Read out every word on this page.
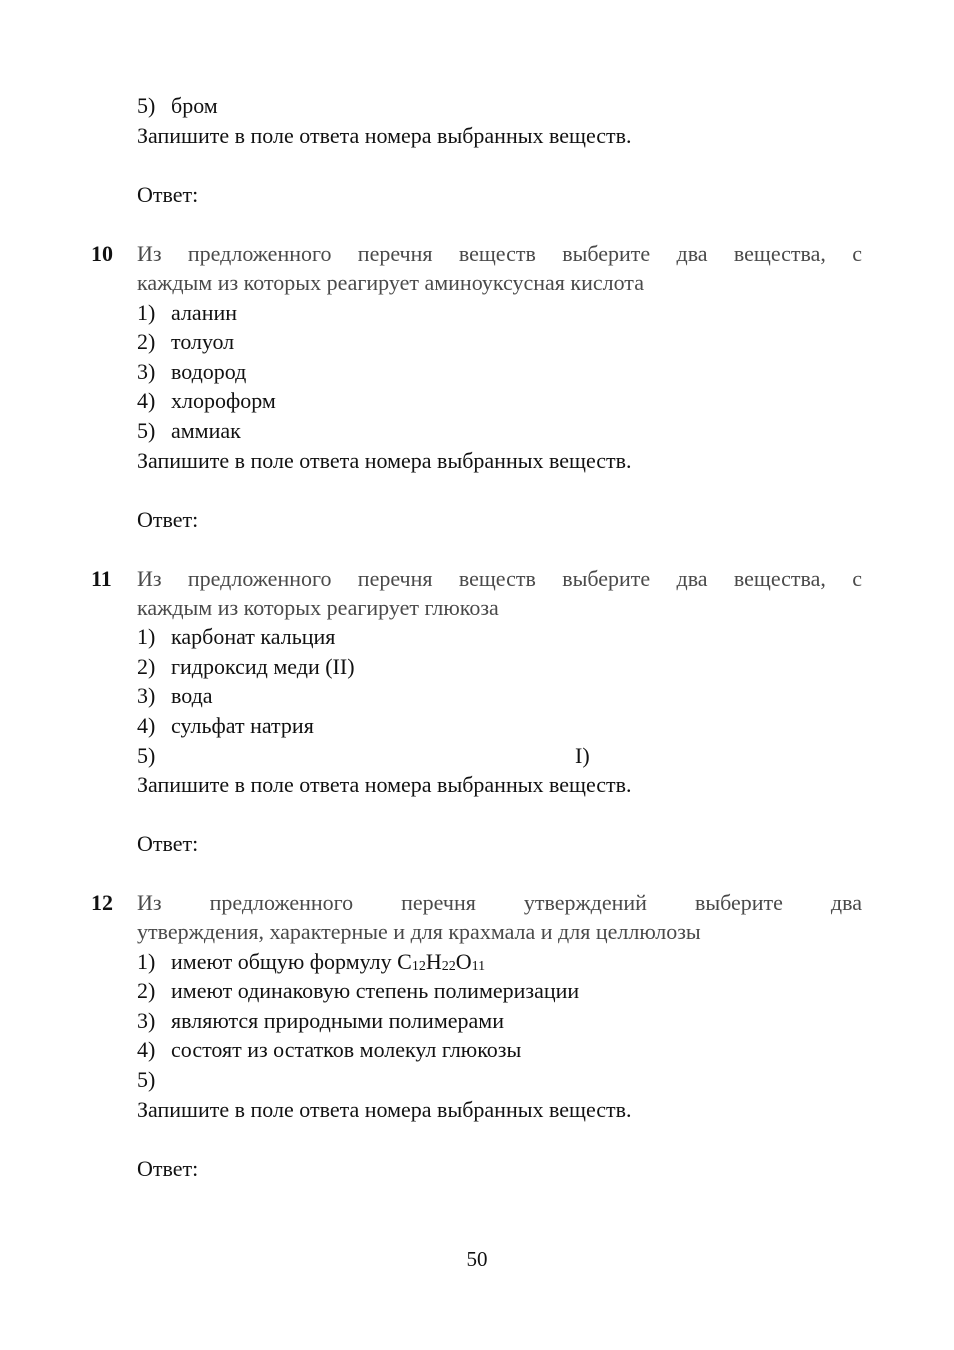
5) бром
Запишите в поле ответа номера выбранных веществ.
Ответ:
10 Из предложенного перечня веществ выберите два вещества, с
каждым из которых реагирует аминоуксусная кислота
1) аланин
2) толуол
3) водород
4) хлороформ
5) аммиак
Запишите в поле ответа номера выбранных веществ.
Ответ:
11 Из предложенного перечня веществ выберите два вещества, с
каждым из которых реагирует глюкоза
1) карбонат кальция
2) гидроксид меди (II)
3) вода
4) сульфат натрия
5)	I)
Запишите в поле ответа номера выбранных веществ.
Ответ:
12 Из предложенного перечня утверждений выберите два
утверждения, характерные и для крахмала и для целлюлозы
1) имеют общую формулу $C_{12}H_{22}O_{11}$
2) имеют одинаковую степень полимеризации
3) являются природными полимерами
4) состоят из остатков молекул глюкозы
5)
Запишите в поле ответа номера выбранных веществ.
Ответ:
50
